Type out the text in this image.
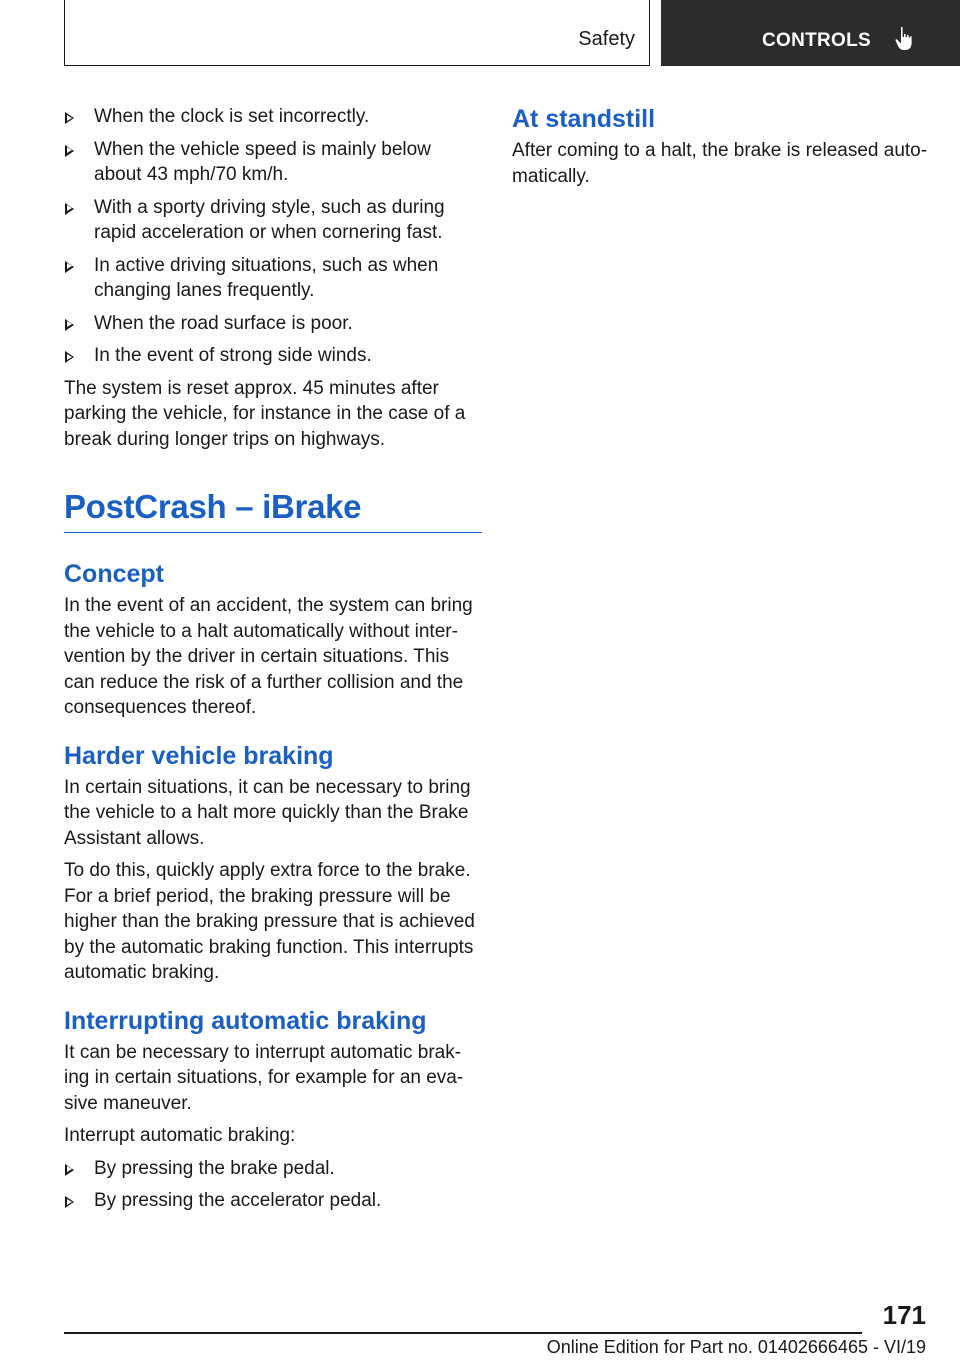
Safety	CONTROLS
When the clock is set incorrectly.
When the vehicle speed is mainly below about 43 mph/70 km/h.
With a sporty driving style, such as during rapid acceleration or when cornering fast.
In active driving situations, such as when changing lanes frequently.
When the road surface is poor.
In the event of strong side winds.

The system is reset approx. 45 minutes after parking the vehicle, for instance in the case of a break during longer trips on highways.

PostCrash – iBrake
Concept

In the event of an accident, the system can bring the vehicle to a halt automatically without inter-vention by the driver in certain situations. This can reduce the risk of a further collision and the consequences thereof.

Harder vehicle braking

In certain situations, it can be necessary to bring the vehicle to a halt more quickly than the Brake Assistant allows.

To do this, quickly apply extra force to the brake. For a brief period, the braking pressure will be higher than the braking pressure that is achieved by the automatic braking function. This interrupts automatic braking.

Interrupting automatic braking

It can be necessary to interrupt automatic brak-ing in certain situations, for example for an eva-sive maneuver.

Interrupt automatic braking:

By pressing the brake pedal.
By pressing the accelerator pedal.
At standstill

After coming to a halt, the brake is released auto-matically.

171
Online Edition for Part no. 01402666465 - VI/19
